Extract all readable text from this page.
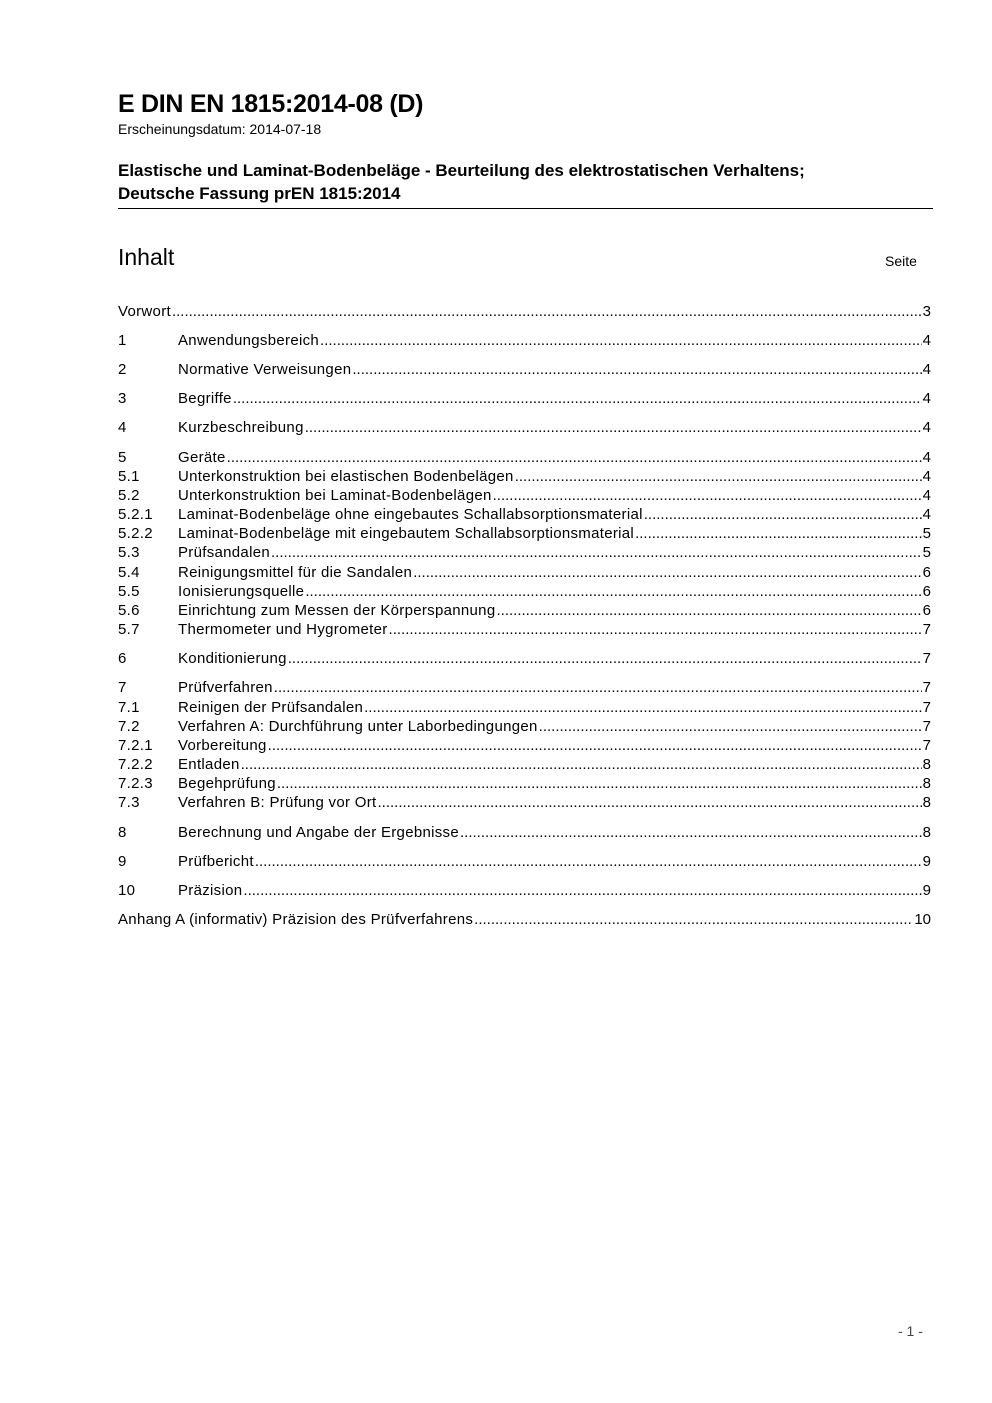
E DIN EN 1815:2014-08 (D)
Erscheinungsdatum: 2014-07-18
Elastische und Laminat-Bodenbeläge - Beurteilung des elektrostatischen Verhaltens;
Deutsche Fassung prEN 1815:2014
Inhalt	Seite
Vorwort .....	3
1	Anwendungsbereich .....	4
2	Normative Verweisungen .....	4
3	Begriffe .....	4
4	Kurzbeschreibung .....	4
5	Geräte .....	4
5.1	Unterkonstruktion bei elastischen Bodenbelägen .....	4
5.2	Unterkonstruktion bei Laminat-Bodenbelägen .....	4
5.2.1	Laminat-Bodenbeläge ohne eingebautes Schallabsorptionsmaterial .....	4
5.2.2	Laminat-Bodenbeläge mit eingebautem Schallabsorptionsmaterial .....	5
5.3	Prüfsandalen .....	5
5.4	Reinigungsmittel für die Sandalen .....	6
5.5	Ionisierungsquelle .....	6
5.6	Einrichtung zum Messen der Körperspannung .....	6
5.7	Thermometer und Hygrometer .....	7
6	Konditionierung .....	7
7	Prüfverfahren .....	7
7.1	Reinigen der Prüfsandalen .....	7
7.2	Verfahren A: Durchführung unter Laborbedingungen .....	7
7.2.1	Vorbereitung .....	7
7.2.2	Entladen .....	8
7.2.3	Begehprüfung .....	8
7.3	Verfahren B: Prüfung vor Ort .....	8
8	Berechnung und Angabe der Ergebnisse .....	8
9	Prüfbericht .....	9
10	Präzision .....	9
Anhang A (informativ) Präzision des Prüfverfahrens .....	10
- 1 -
